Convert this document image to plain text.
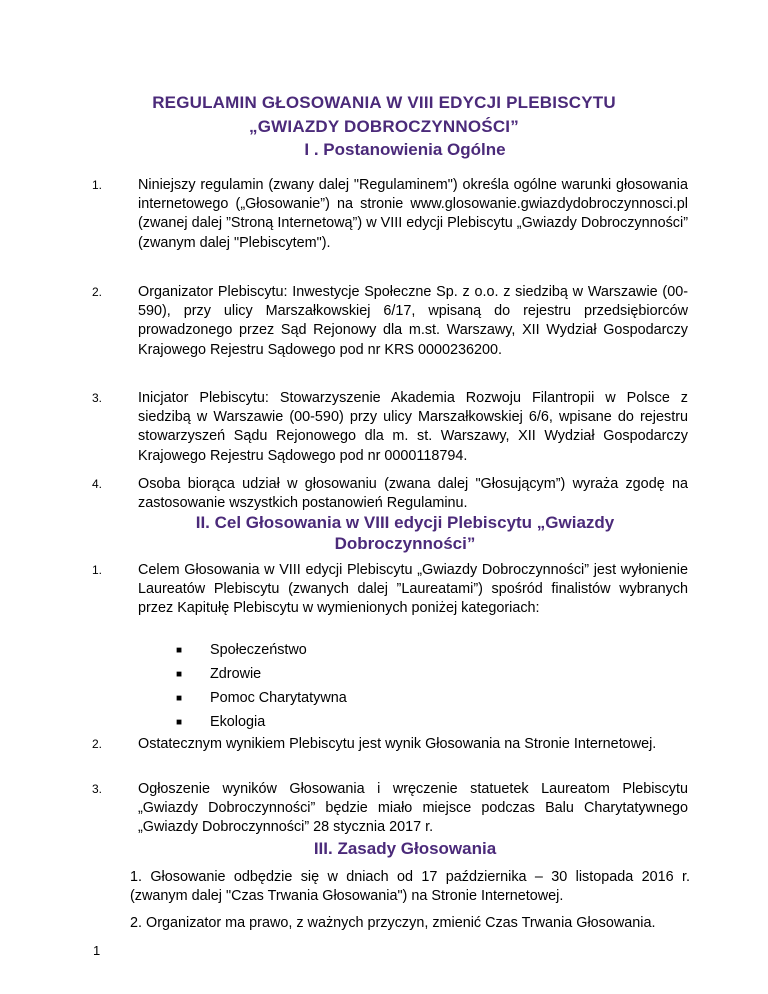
REGULAMIN GŁOSOWANIA W VIII EDYCJI PLEBISCYTU
„GWIAZDY DOBROCZYNNOŚCI”
I . Postanowienia Ogólne
1. Niniejszy regulamin (zwany dalej "Regulaminem") określa ogólne warunki głosowania internetowego („Głosowanie”) na stronie www.glosowanie.gwiazdydobroczynnosci.pl (zwanej dalej ”Stroną Internetową”) w VIII edycji Plebiscytu „Gwiazdy Dobroczynności” (zwanym dalej "Plebiscytem").
2. Organizator Plebiscytu: Inwestycje Społeczne Sp. z o.o. z siedzibą w Warszawie (00- 590), przy ulicy Marszałkowskiej 6/17, wpisaną do rejestru przedsiębiorców prowadzonego przez Sąd Rejonowy dla m.st. Warszawy, XII Wydział Gospodarczy Krajowego Rejestru Sądowego pod nr KRS 0000236200.
3. Inicjator Plebiscytu: Stowarzyszenie Akademia Rozwoju Filantropii w Polsce z siedzibą w Warszawie (00-590) przy ulicy Marszałkowskiej 6/6, wpisane do rejestru stowarzyszeń Sądu Rejonowego dla m. st. Warszawy, XII Wydział Gospodarczy Krajowego Rejestru Sądowego pod nr 0000118794.
4. Osoba biorąca udział w głosowaniu (zwana dalej "Głosującym”) wyraża zgodę na zastosowanie wszystkich postanowień Regulaminu.
II. Cel Głosowania w VIII edycji Plebiscytu „Gwiazdy
Dobroczynności”
1. Celem Głosowania w VIII edycji Plebiscytu „Gwiazdy Dobroczynności” jest wyłonienie Laureatów Plebiscytu (zwanych dalej ”Laureatami”) spośród finalistów wybranych przez Kapitułę Plebiscytu w wymienionych poniżej kategoriach:
■ Społeczeństwo
■ Zdrowie
■ Pomoc Charytatywna
■ Ekologia
2. Ostatecznym wynikiem Plebiscytu jest wynik Głosowania na Stronie Internetowej.
3. Ogłoszenie wyników Głosowania i wręczenie statuetek Laureatom Plebiscytu „Gwiazdy Dobroczynności” będzie miało miejsce podczas Balu Charytatywnego „Gwiazdy Dobroczynności” 28 stycznia 2017 r.
III. Zasady Głosowania
1. Głosowanie odbędzie się w dniach od 17 października – 30 listopada 2016 r. (zwanym dalej "Czas Trwania Głosowania") na Stronie Internetowej.
2. Organizator ma prawo, z ważnych przyczyn, zmienić Czas Trwania Głosowania.
1
